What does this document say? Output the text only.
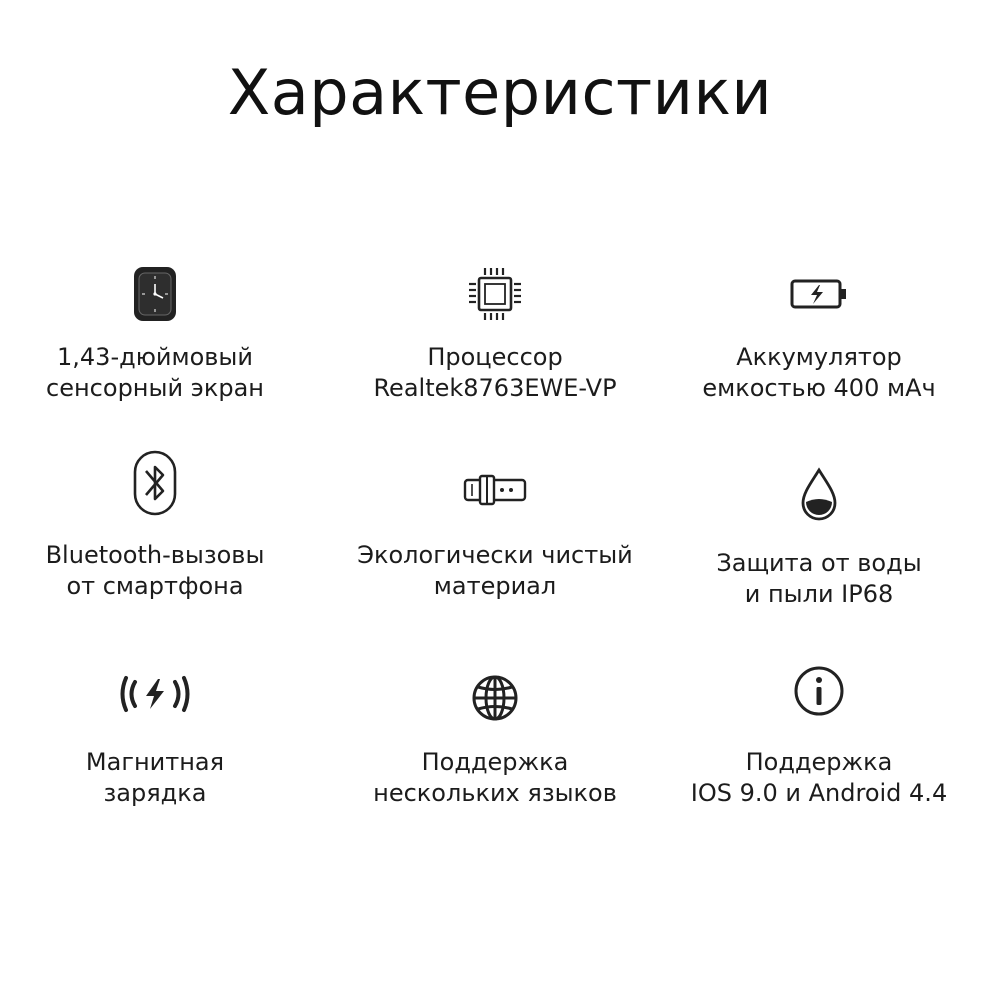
Характеристики
1,43-дюймовый
сенсорный экран
Процессор
Realtek8763EWE-VP
Аккумулятор
емкостью 400 мАч
Bluetooth-вызовы
от смартфона
Экологически чистый
материал
Защита от воды
и пыли IP68
Магнитная
зарядка
Поддержка
нескольких языков
Поддержка
IOS 9.0 и Android 4.4
